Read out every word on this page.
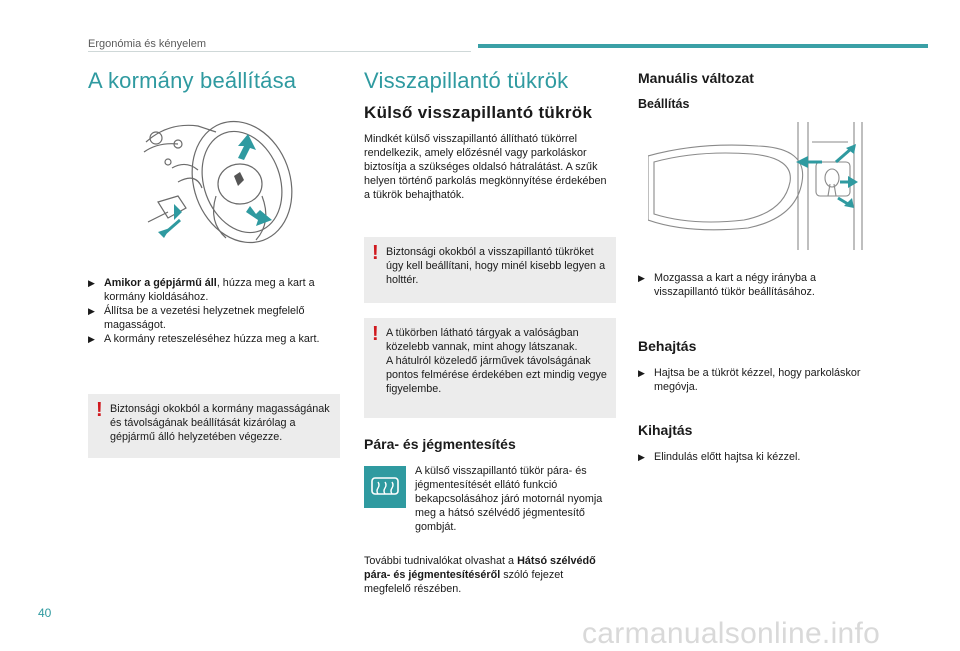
Ergonómia és kényelem
A kormány beállítása
▶ Amikor a gépjármű áll, húzza meg a kart a kormány kioldásához.
▶ Állítsa be a vezetési helyzetnek megfelelő magasságot.
▶ A kormány reteszeléséhez húzza meg a kart.
! Biztonsági okokból a kormány magasságának és távolságának beállítását kizárólag a gépjármű álló helyzetében végezze.
Visszapillantó tükrök
Külső visszapillantó tükrök
Mindkét külső visszapillantó állítható tükörrel rendelkezik, amely előzésnél vagy parkoláskor biztosítja a szükséges oldalsó hátralátást. A szűk helyen történő parkolás megkönnyítése érdekében a tükrök behajthatók.
! Biztonsági okokból a visszapillantó tükröket úgy kell beállítani, hogy minél kisebb legyen a holttér.
! A tükörben látható tárgyak a valóságban közelebb vannak, mint ahogy látszanak.
A hátulról közeledő járművek távolságának pontos felmérése érdekében ezt mindig vegye figyelembe.
Pára- és jégmentesítés
A külső visszapillantó tükör pára- és jégmentesítését ellátó funkció bekapcsolásához járó motornál nyomja meg a hátsó szélvédő jégmentesítő gombját.
További tudnivalókat olvashat a Hátsó szélvédő pára- és jégmentesítéséről szóló fejezet megfelelő részében.
Manuális változat
Beállítás
▶ Mozgassa a kart a négy irányba a visszapillantó tükör beállításához.
Behajtás
▶ Hajtsa be a tükröt kézzel, hogy parkoláskor megóvja.
Kihajtás
▶ Elindulás előtt hajtsa ki kézzel.
40
carmanualsonline.info
